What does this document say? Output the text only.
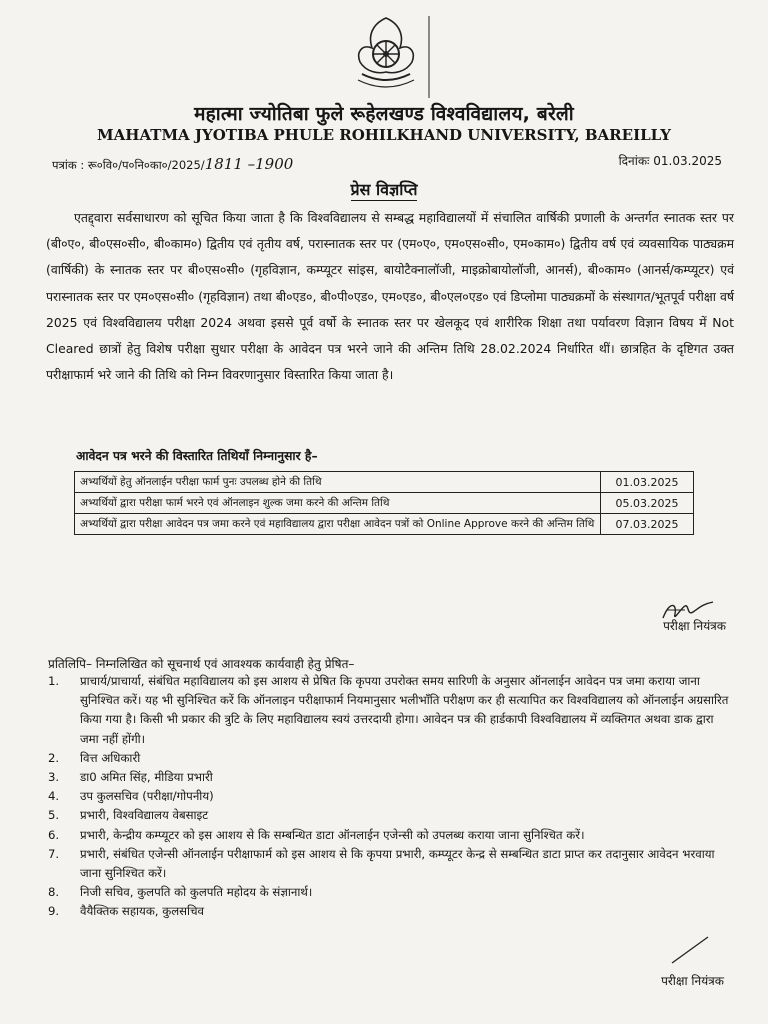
महात्मा ज्योतिबा फुले रूहेलखण्ड विश्वविद्यालय, बरेली
MAHATMA JYOTIBA PHULE ROHILKHAND UNIVERSITY, BAREILLY
पत्रांक : रू०वि०/प०नि०का०/2025/1811 –1900	दिनांकः 01.03.2025
प्रेस विज्ञप्ति
एतद्द्वारा सर्वसाधारण को सूचित किया जाता है कि विश्वविद्यालय से सम्बद्ध महाविद्यालयों में संचालित वार्षिकी प्रणाली के अन्तर्गत स्नातक स्तर पर (बी०ए०, बी०एस०सी०, बी०काम०) द्वितीय एवं तृतीय वर्ष, परास्नातक स्तर पर (एम०ए०, एम०एस०सी०, एम०काम०) द्वितीय वर्ष एवं व्यवसायिक पाठ्यक्रम (वार्षिकी) के स्नातक स्तर पर बी०एस०सी० (गृहविज्ञान, कम्प्यूटर सांइस, बायोटैक्नालॉजी, माइक्रोबायोलॉजी, आनर्स), बी०काम० (आनर्स/कम्प्यूटर) एवं परास्नातक स्तर पर एम०एस०सी० (गृहविज्ञान) तथा बी०एड०, बी०पी०एड०, एम०एड०, बी०एल०एड० एवं डिप्लोमा पाठ्यक्रमों के संस्थागत/भूतपूर्व परीक्षा वर्ष 2025 एवं विश्वविद्यालय परीक्षा 2024 अथवा इससे पूर्व वर्षो के स्नातक स्तर पर खेलकूद एवं शारीरिक शिक्षा तथा पर्यावरण विज्ञान विषय में Not Cleared छात्रों हेतु विशेष परीक्षा सुधार परीक्षा के आवेदन पत्र भरने जाने की अन्तिम तिथि 28.02.2024 निर्धारित थीं। छात्रहित के दृष्टिगत उक्त परीक्षाफार्म भरे जाने की तिथि को निम्न विवरणानुसार विस्तारित किया जाता है।
आवेदन पत्र भरने की विस्तारित तिथियाँ निम्नानुसार है–
अभ्यर्थियों हेतु ऑनलाईन परीक्षा फार्म पुनः उपलब्ध होने की तिथि	01.03.2025
अभ्यर्थियों द्वारा परीक्षा फार्म भरने एवं ऑनलाइन शुल्क जमा करने की अन्तिम तिथि	05.03.2025
अभ्यर्थियों द्वारा परीक्षा आवेदन पत्र जमा करने एवं महाविद्यालय द्वारा परीक्षा आवेदन पत्रों को Online Approve करने की अन्तिम तिथि	07.03.2025
परीक्षा नियंत्रक
प्रतिलिपि– निम्नलिखित को सूचनार्थ एवं आवश्यक कार्यवाही हेतु प्रेषित–
1. प्राचार्य/प्राचार्या, संबंधित महाविद्यालय को इस आशय से प्रेषित कि कृपया उपरोक्त समय सारिणी के अनुसार ऑनलाईन आवेदन पत्र जमा कराया जाना सुनिश्चित करें। यह भी सुनिश्चित करें कि ऑनलाइन परीक्षाफार्म नियमानुसार भलीभाँति परीक्षण कर ही सत्यापित कर विश्वविद्यालय को ऑनलाईन अग्रसारित किया गया है। किसी भी प्रकार की त्रुटि के लिए महाविद्यालय स्वयं उत्तरदायी होगा। आवेदन पत्र की हार्डकापी विश्वविद्यालय में व्यक्तिगत अथवा डाक द्वारा जमा नहीं होंगी।
2. वित्त अधिकारी
3. डा0 अमित सिंह, मीडिया प्रभारी
4. उप कुलसचिव (परीक्षा/गोपनीय)
5. प्रभारी, विश्वविद्यालय वेबसाइट
6. प्रभारी, केन्द्रीय कम्प्यूटर को इस आशय से कि सम्बन्धित डाटा ऑनलाईन एजेन्सी को उपलब्ध कराया जाना सुनिश्चित करें।
7. प्रभारी, संबंधित एजेन्सी ऑनलाईन परीक्षाफार्म को इस आशय से कि कृपया प्रभारी, कम्प्यूटर केन्द्र से सम्बन्धित डाटा प्राप्त कर तदानुसार आवेदन भरवाया जाना सुनिश्चित करें।
8. निजी सचिव, कुलपति को कुलपति महोदय के संज्ञानार्थ।
9. वैयैक्तिक सहायक, कुलसचिव
परीक्षा नियंत्रक
